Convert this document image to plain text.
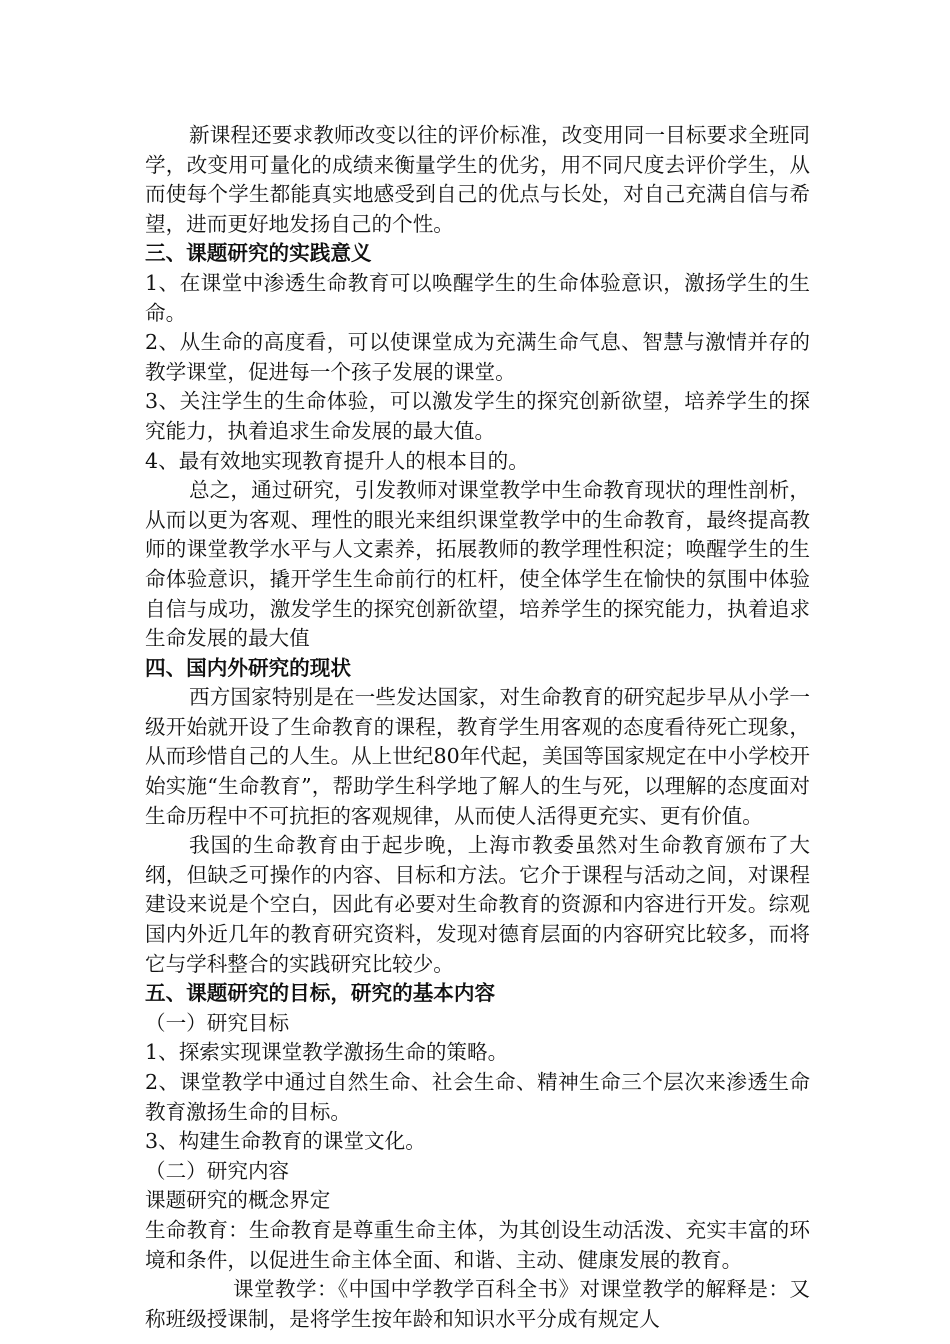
新课程还要求教师改变以往的评价标准，改变用同一目标要求全班同学，改变用可量化的成绩来衡量学生的优劣，用不同尺度去评价学生，从而使每个学生都能真实地感受到自己的优点与长处，对自己充满自信与希望，进而更好地发扬自己的个性。

三、课题研究的实践意义

1、在课堂中渗透生命教育可以唤醒学生的生命体验意识，激扬学生的生命。

2、从生命的高度看，可以使课堂成为充满生命气息、智慧与激情并存的教学课堂，促进每一个孩子发展的课堂。

3、关注学生的生命体验，可以激发学生的探究创新欲望，培养学生的探究能力，执着追求生命发展的最大值。

4、最有效地实现教育提升人的根本目的。

总之，通过研究，引发教师对课堂教学中生命教育现状的理性剖析，从而以更为客观、理性的眼光来组织课堂教学中的生命教育，最终提高教师的课堂教学水平与人文素养，拓展教师的教学理性积淀；唤醒学生的生命体验意识，撬开学生生命前行的杠杆，使全体学生在愉快的氛围中体验自信与成功，激发学生的探究创新欲望，培养学生的探究能力，执着追求生命发展的最大值

四、国内外研究的现状

西方国家特别是在一些发达国家，对生命教育的研究起步早从小学一级开始就开设了生命教育的课程，教育学生用客观的态度看待死亡现象，从而珍惜自己的人生。从上世纪80年代起，美国等国家规定在中小学校开始实施“生命教育”，帮助学生科学地了解人的生与死，以理解的态度面对生命历程中不可抗拒的客观规律，从而使人活得更充实、更有价值。

我国的生命教育由于起步晚，上海市教委虽然对生命教育颁布了大纲，但缺乏可操作的内容、目标和方法。它介于课程与活动之间，对课程建设来说是个空白，因此有必要对生命教育的资源和内容进行开发。综观国内外近几年的教育研究资料，发现对德育层面的内容研究比较多，而将它与学科整合的实践研究比较少。

五、课题研究的目标，研究的基本内容

（一）研究目标

1、探索实现课堂教学激扬生命的策略。

2、课堂教学中通过自然生命、社会生命、精神生命三个层次来渗透生命教育激扬生命的目标。

3、构建生命教育的课堂文化。

（二）研究内容

课题研究的概念界定

生命教育：生命教育是尊重生命主体，为其创设生动活泼、充实丰富的环境和条件，以促进生命主体全面、和谐、主动、健康发展的教育。

课堂教学：《中国中学教学百科全书》对课堂教学的解释是：又称班级授课制，是将学生按年龄和知识水平分成有规定人
